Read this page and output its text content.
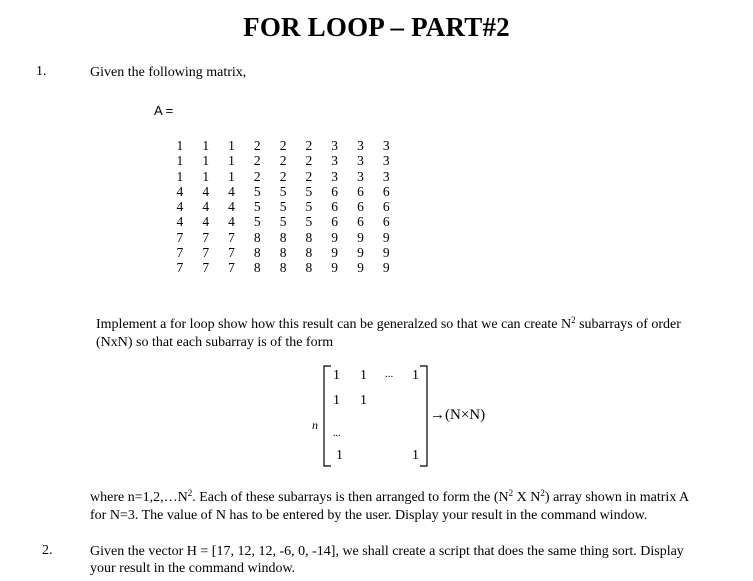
FOR LOOP – PART#2
1.	Given the following matrix,
A =
1	1	1	2	2	2	3	3	3
1	1	1	2	2	2	3	3	3
1	1	1	2	2	2	3	3	3
4	4	4	5	5	5	6	6	6
4	4	4	5	5	5	6	6	6
4	4	4	5	5	5	6	6	6
7	7	7	8	8	8	9	9	9
7	7	7	8	8	8	9	9	9
7	7	7	8	8	8	9	9	9
Implement a for loop show how this result can be generalzed so that we can create $N^2$ subarrays of order
(NxN) so that each subarray is of the form
1 1 ... 1
1 1
n
...
1	1
→(N×N)
where $n=1,2,\dots N^2$. Each of these subarrays is then arranged to form the ($N^2$ X $N^2$) array shown in matrix A
for N=3. The value of N has to be entered by the user. Display your result in the command window.
2.	Given the vector H = [17, 12, 12, -6, 0, -14], we shall create a script that does the same thing sort. Display
your result in the command window.
